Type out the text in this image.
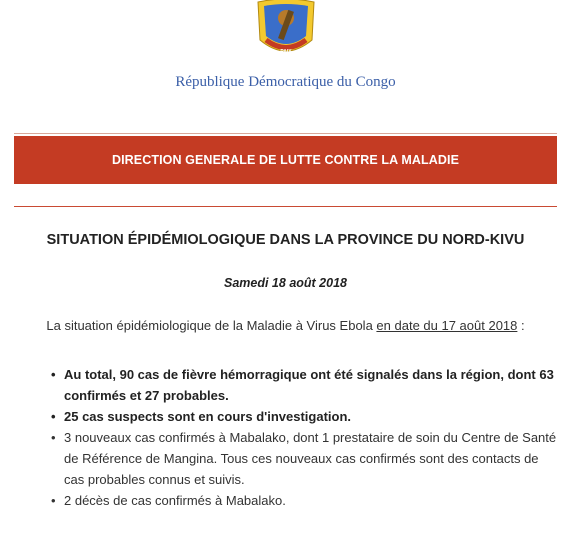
PAIX
République Démocratique du Congo
DIRECTION GENERALE DE LUTTE CONTRE LA MALADIE
SITUATION ÉPIDÉMIOLOGIQUE DANS LA PROVINCE DU NORD-KIVU
Samedi 18 août 2018
La situation épidémiologique de la Maladie à Virus Ebola en date du 17 août 2018 :
• Au total, 90 cas de fièvre hémorragique ont été signalés dans la région, dont 63 confirmés et 27 probables.
• 25 cas suspects sont en cours d'investigation.
• 3 nouveaux cas confirmés à Mabalako, dont 1 prestataire de soin du Centre de Santé de Référence de Mangina. Tous ces nouveaux cas confirmés sont des contacts de cas probables connus et suivis.
• 2 décès de cas confirmés à Mabalako.
